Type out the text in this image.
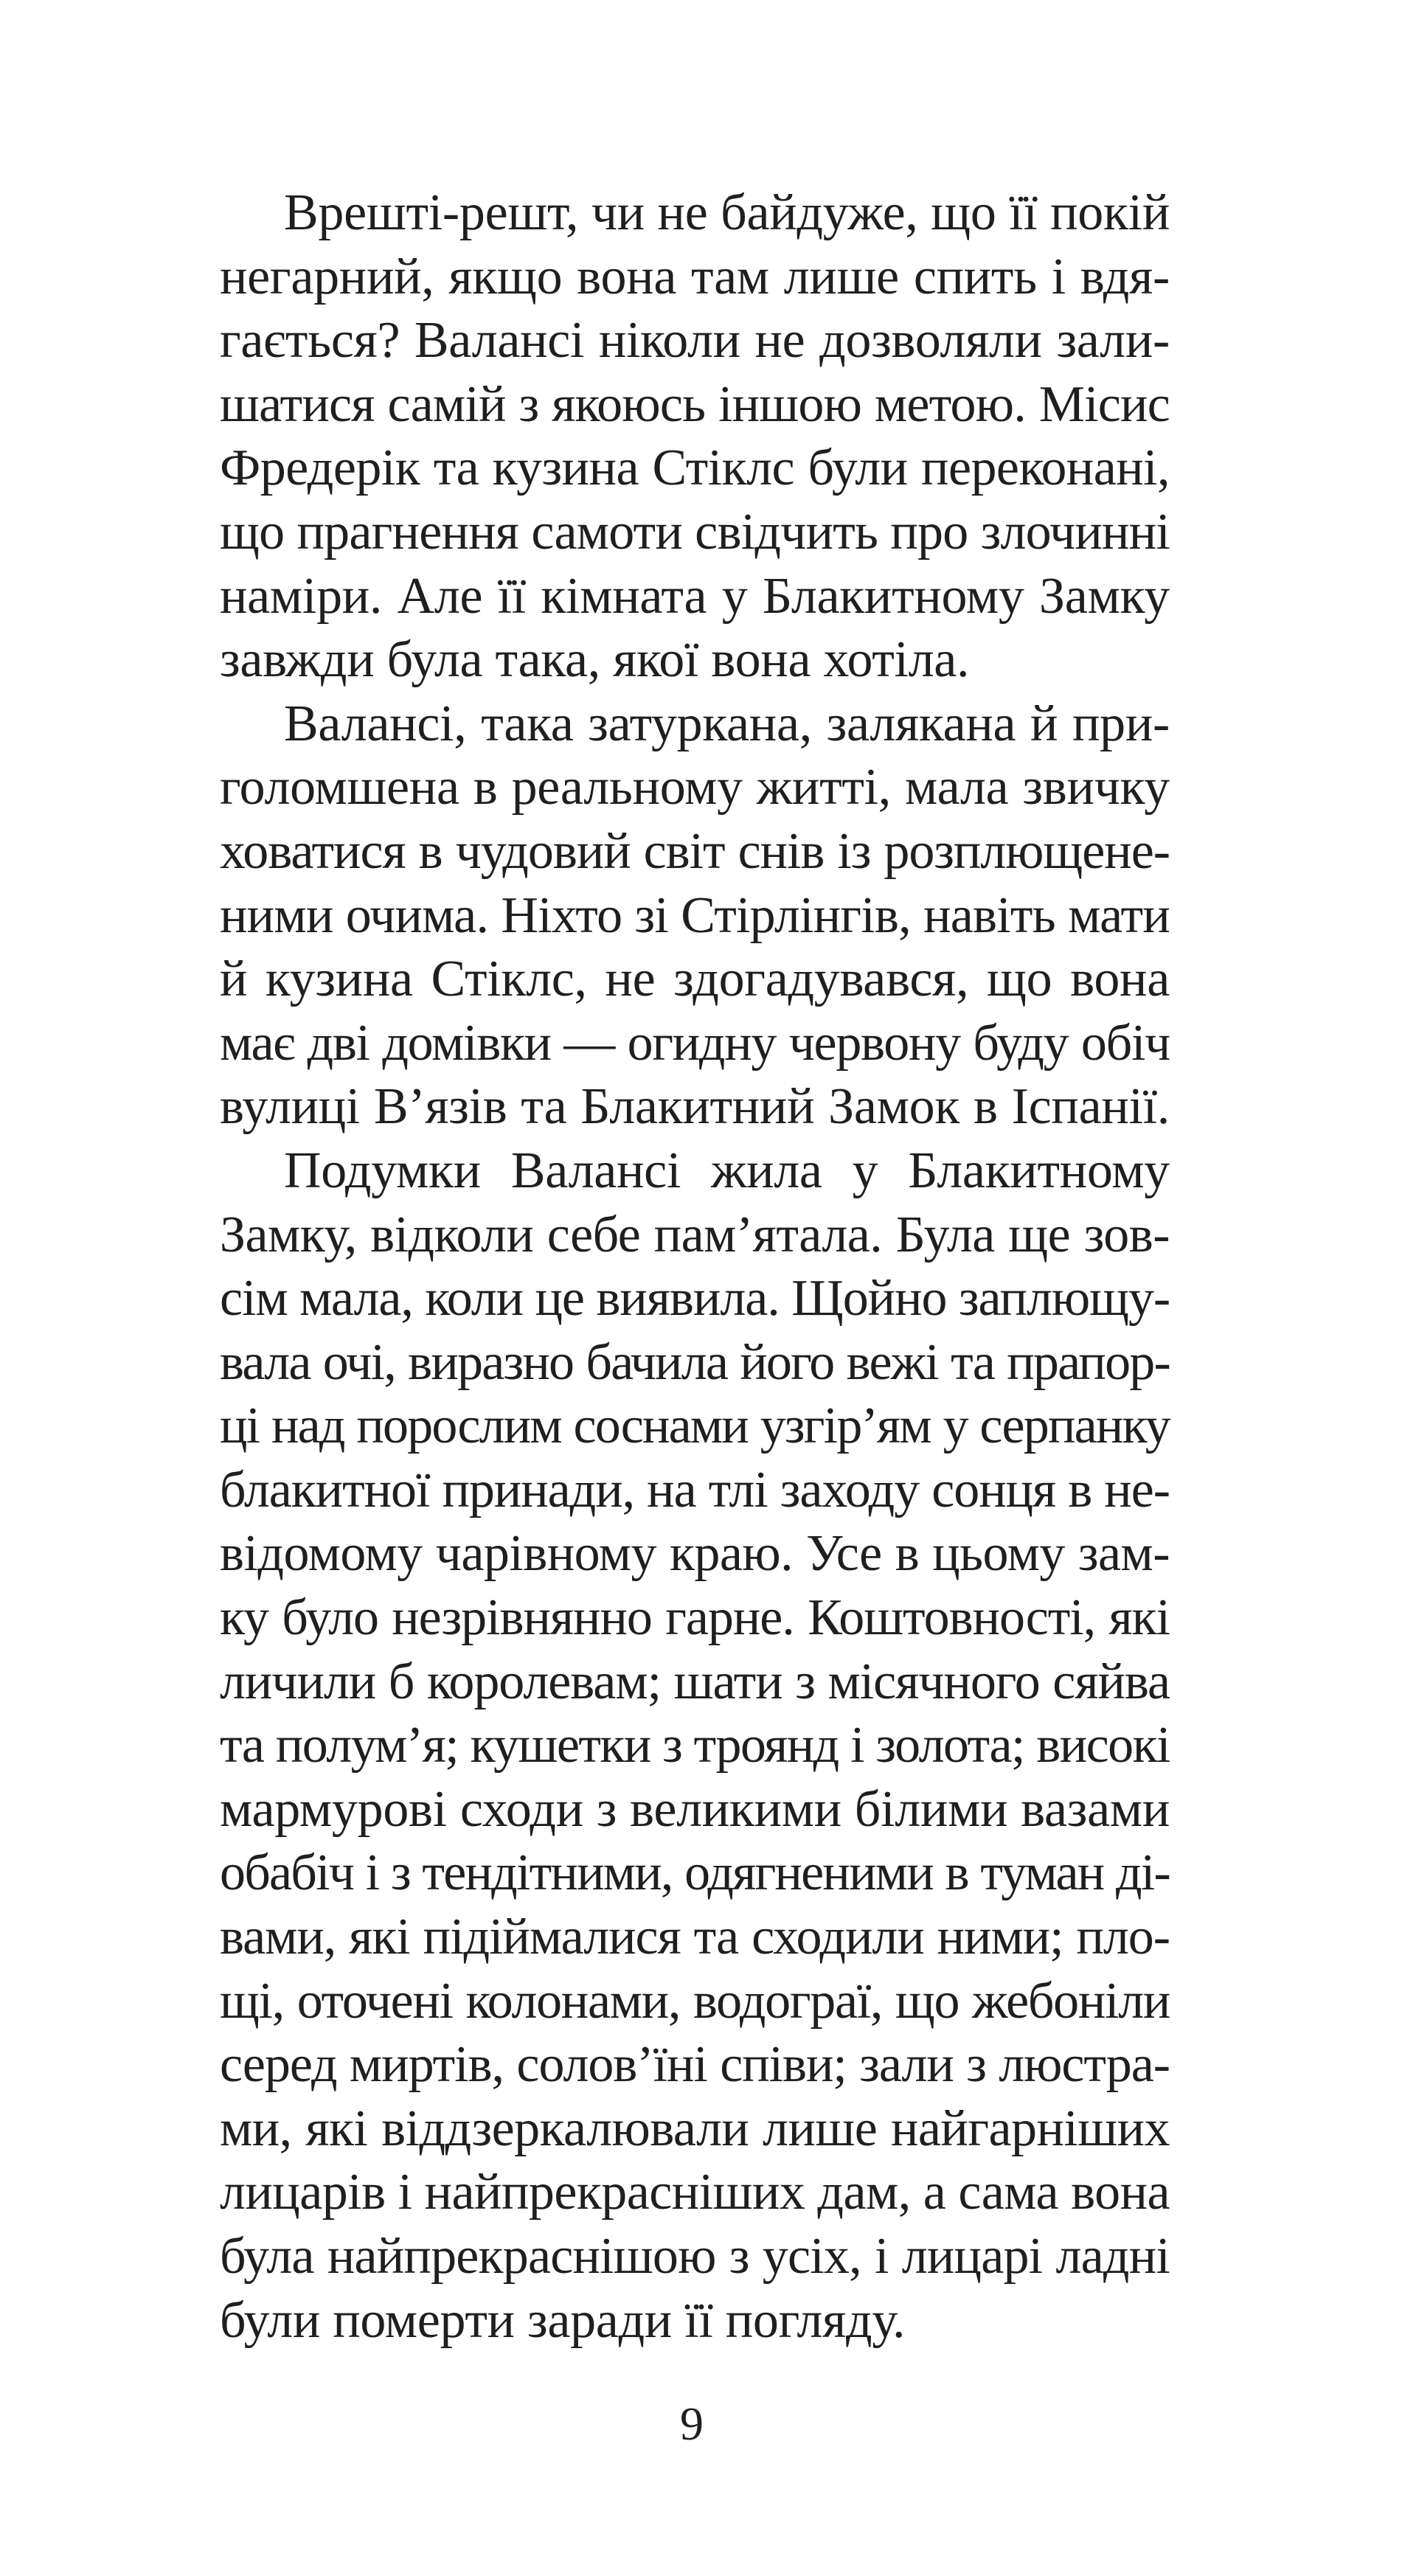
Врешті-решт, чи не байдуже, що її покій
негарний, якщо вона там лише спить і вдя-
гається? Валансі ніколи не дозволяли зали-
шатися самій з якоюсь іншою метою. Місис
Фредерік та кузина Стіклс були переконані,
що прагнення самоти свідчить про злочинні
наміри. Але її кімната у Блакитному Замку
завжди була така, якої вона хотіла.
Валансі, така затуркана, залякана й при-
голомшена в реальному житті, мала звичку
ховатися в чудовий світ снів із розплющене-
ними очима. Ніхто зі Стірлінгів, навіть мати
й кузина Стіклс, не здогадувався, що вона
має дві домівки — огидну червону буду обіч
вулиці В’язів та Блакитний Замок в Іспанії.
Подумки Валансі жила у Блакитному
Замку, відколи себе пам’ятала. Була ще зов-
сім мала, коли це виявила. Щойно заплющу-
вала очі, виразно бачила його вежі та прапор-
ці над порослим соснами узгір’ям у серпанку
блакитної принади, на тлі заходу сонця в не-
відомому чарівному краю. Усе в цьому зам-
ку було незрівнянно гарне. Коштовності, які
личили б королевам; шати з місячного сяйва
та полум’я; кушетки з троянд і золота; високі
мармурові сходи з великими білими вазами
обабіч і з тендітними, одягненими в туман ді-
вами, які підіймалися та сходили ними; пло-
щі, оточені колонами, водограї, що жебоніли
серед миртів, солов’їні співи; зали з люстра-
ми, які віддзеркалювали лише найгарніших
лицарів і найпрекрасніших дам, а сама вона
була найпрекраснішою з усіх, і лицарі ладні
були померти заради її погляду.
9
